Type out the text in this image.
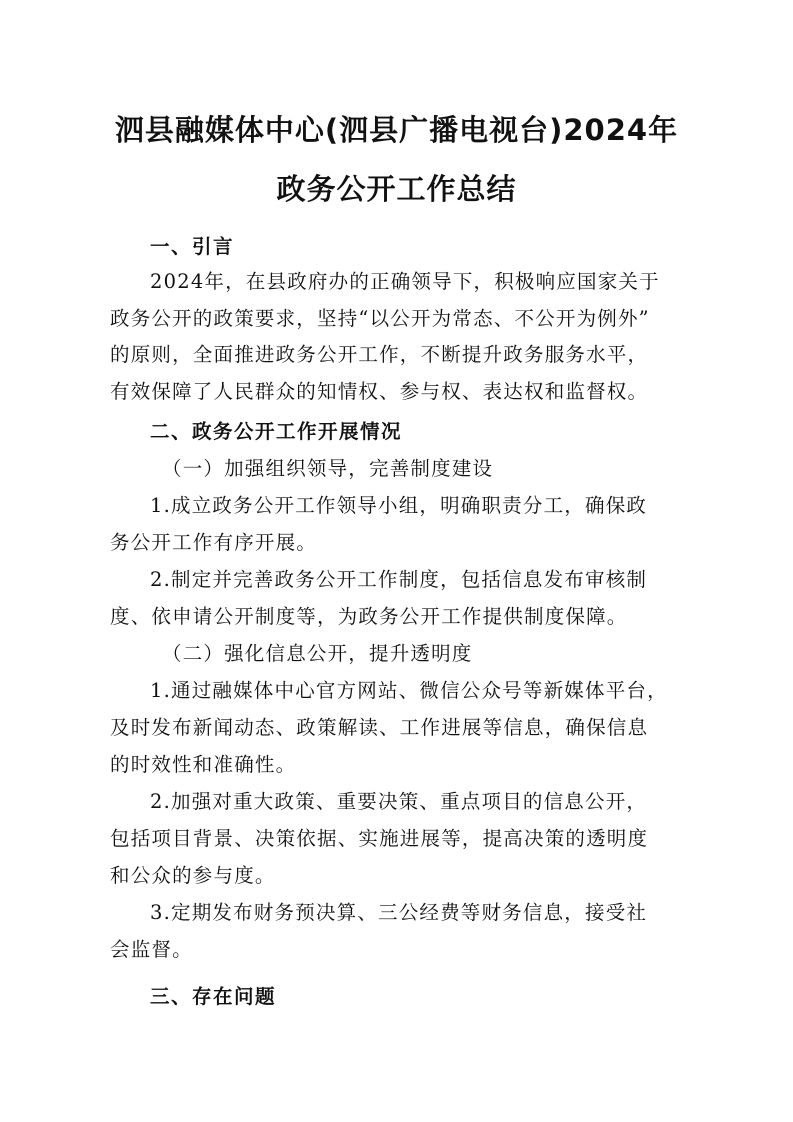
泗县融媒体中心(泗县广播电视台)2024年
政务公开工作总结
一、引言
2024年，在县政府办的正确领导下，积极响应国家关于
政务公开的政策要求，坚持“以公开为常态、不公开为例外”
的原则，全面推进政务公开工作，不断提升政务服务水平，
有效保障了人民群众的知情权、参与权、表达权和监督权。
二、政务公开工作开展情况
（一）加强组织领导，完善制度建设
1.成立政务公开工作领导小组，明确职责分工，确保政
务公开工作有序开展。
2.制定并完善政务公开工作制度，包括信息发布审核制
度、依申请公开制度等，为政务公开工作提供制度保障。
（二）强化信息公开，提升透明度
1.通过融媒体中心官方网站、微信公众号等新媒体平台，
及时发布新闻动态、政策解读、工作进展等信息，确保信息
的时效性和准确性。
2.加强对重大政策、重要决策、重点项目的信息公开，
包括项目背景、决策依据、实施进展等，提高决策的透明度
和公众的参与度。
3.定期发布财务预决算、三公经费等财务信息，接受社
会监督。
三、存在问题
